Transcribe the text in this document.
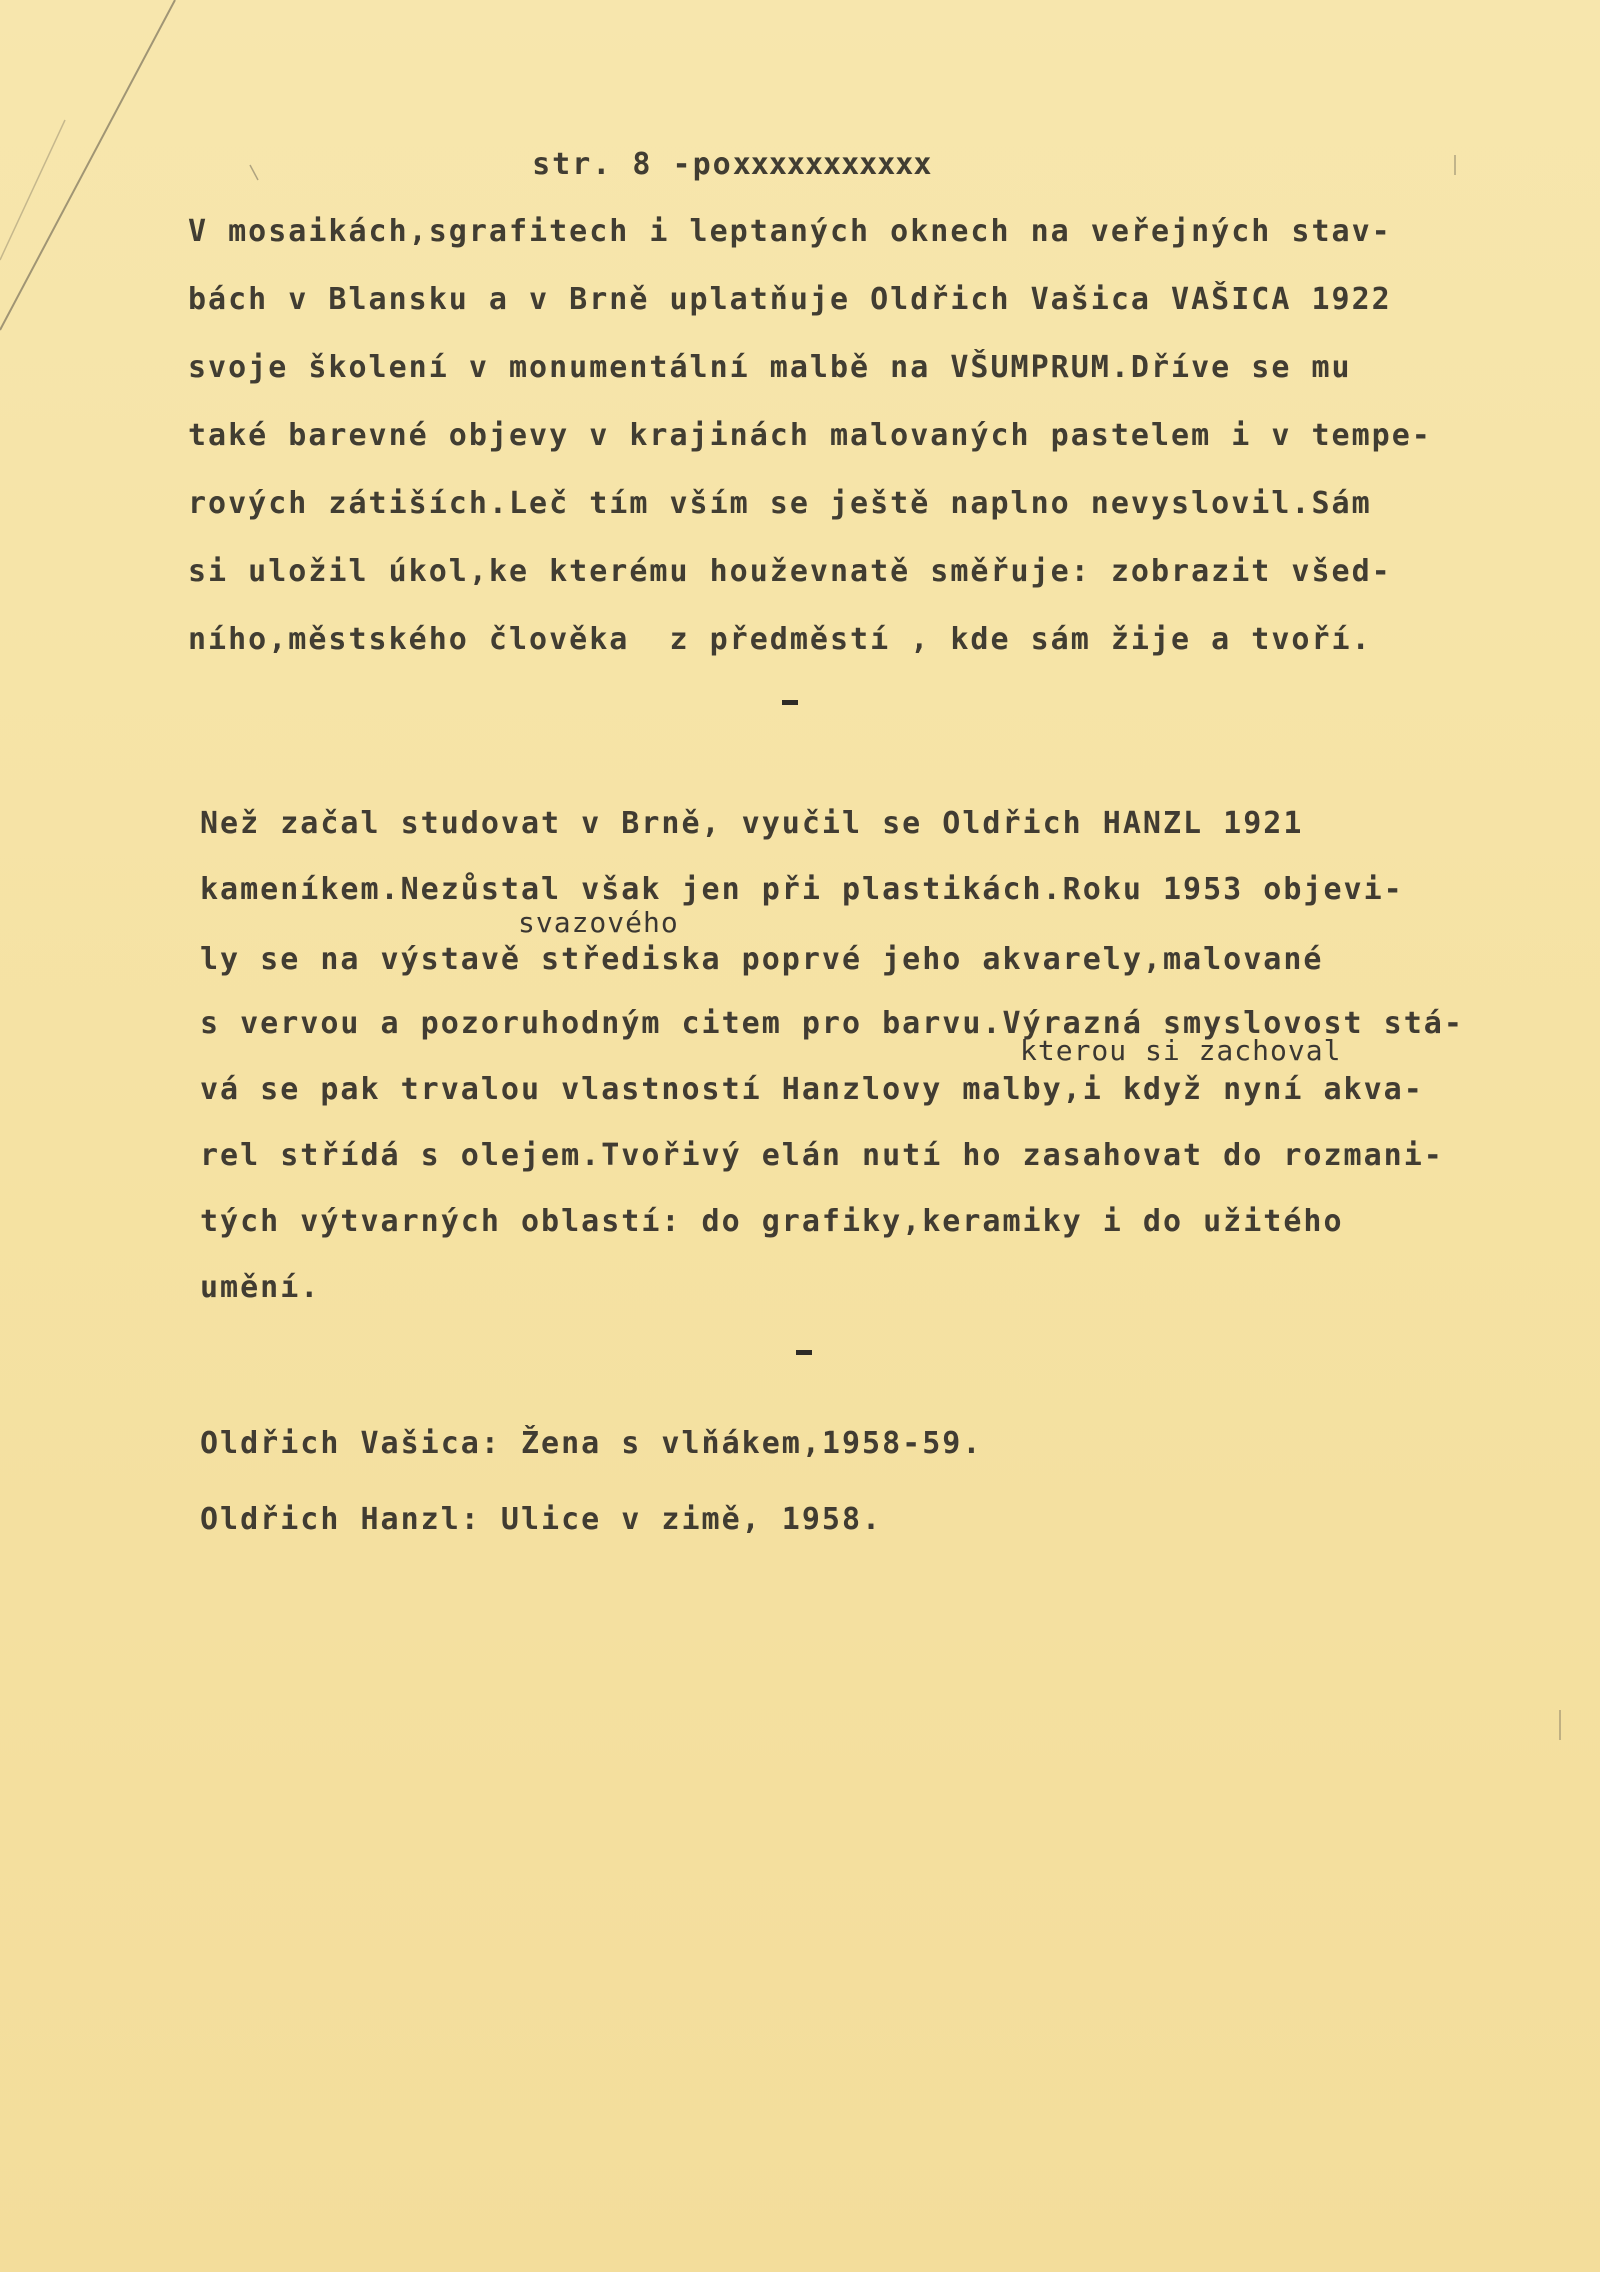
str. 8 -poxxxxxxxxxxx

V mosaikách,sgrafitech i leptaných oknech na veřejných stav-
bách v Blansku a v Brně uplatňuje Oldřich Vašica VAŠICA 1922
svoje školení v monumentální malbě na VŠUMPRUM.Dříve se mu
také barevné objevy v krajinách malovaných pastelem i v tempe-
rových zátiších.Leč tím vším se ještě naplno nevyslovil.Sám
si uložil úkol,ke kterému houževnatě směřuje: zobrazit všed-
ního,městského člověka  z předměstí , kde sám žije a tvoří.
Než začal studovat v Brně, vyučil se Oldřich HANZL 1921
kameníkem.Nezůstal však jen při plastikách.Roku 1953 objevi-
svazového
ly se na výstavě střediska poprvé jeho akvarely,malované
s vervou a pozoruhodným citem pro barvu.Výrazná smyslovost stá-
kterou si zachoval
vá se pak trvalou vlastností Hanzlovy malby,i když nyní akva-
rel střídá s olejem.Tvořivý elán nutí ho zasahovat do rozmani-
tých výtvarných oblastí: do grafiky,keramiky i do užitého
umění.
Oldřich Vašica: Žena s vlňákem,1958-59.
Oldřich Hanzl: Ulice v zimě, 1958.
